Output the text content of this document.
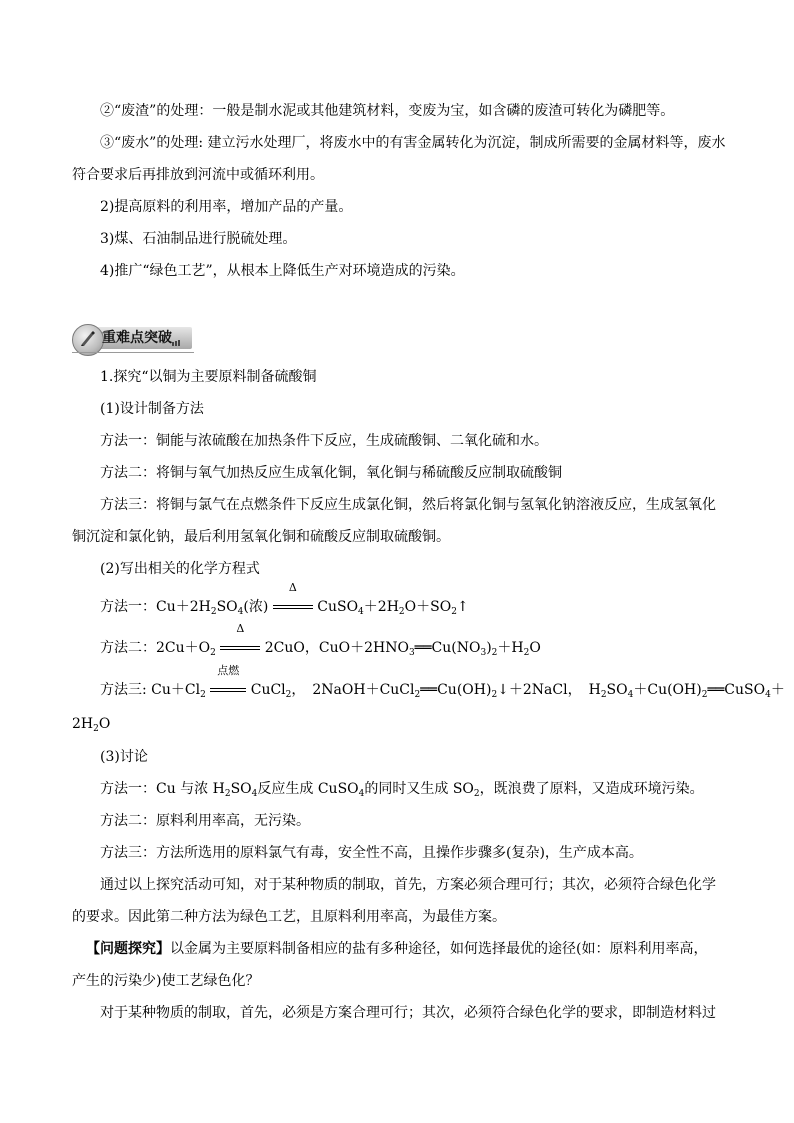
②“废渣”的处理：一般是制水泥或其他建筑材料，变废为宝，如含磷的废渣可转化为磷肥等。
③“废水”的处理: 建立污水处理厂，将废水中的有害金属转化为沉淀，制成所需要的金属材料等，废水
符合要求后再排放到河流中或循环利用。
2)提高原料的利用率，增加产品的产量。
3)煤、石油制品进行脱硫处理。
4)推广“绿色工艺”，从根本上降低生产对环境造成的污染。
重难点突破
1.探究“以铜为主要原料制备硫酸铜
(1)设计制备方法
方法一：铜能与浓硫酸在加热条件下反应，生成硫酸铜、二氧化硫和水。
方法二：将铜与氧气加热反应生成氧化铜，氧化铜与稀硫酸反应制取硫酸铜
方法三：将铜与氯气在点燃条件下反应生成氯化铜，然后将氯化铜与氢氧化钠溶液反应，生成氢氧化
铜沉淀和氯化钠，最后利用氢氧化铜和硫酸反应制取硫酸铜。
(2)写出相关的化学方程式
方法一：$Cu+2H_2SO_4$(浓)
Δ
$CuSO_4+2H_2O+SO_2↑$
方法二：$2Cu+O_2$
Δ
2CuO，$CuO+2HNO_3══Cu(NO_3)_2+H_2O$
方法三: $Cu+Cl_2$
点燃
CuCl$_2$，　$2NaOH+CuCl_2══Cu(OH)_2↓+2NaCl$，　$H_2SO_4+Cu(OH)_2══CuSO_4+$
$2H_2O$
(3)讨论
方法一：Cu 与浓 $H_2SO_4$反应生成 CuSO$_4$的同时又生成 $SO_2$，既浪费了原料，又造成环境污染。
方法二：原料利用率高，无污染。
方法三：方法所选用的原料氯气有毒，安全性不高，且操作步骤多(复杂)，生产成本高。
通过以上探究活动可知，对于某种物质的制取，首先，方案必须合理可行；其次，必须符合绿色化学
的要求。因此第二种方法为绿色工艺，且原料利用率高，为最佳方案。
【问题探究】以金属为主要原料制备相应的盐有多种途径，如何选择最优的途径(如：原料利用率高，
产生的污染少)使工艺绿色化？
对于某种物质的制取，首先，必须是方案合理可行；其次，必须符合绿色化学的要求，即制造材料过
